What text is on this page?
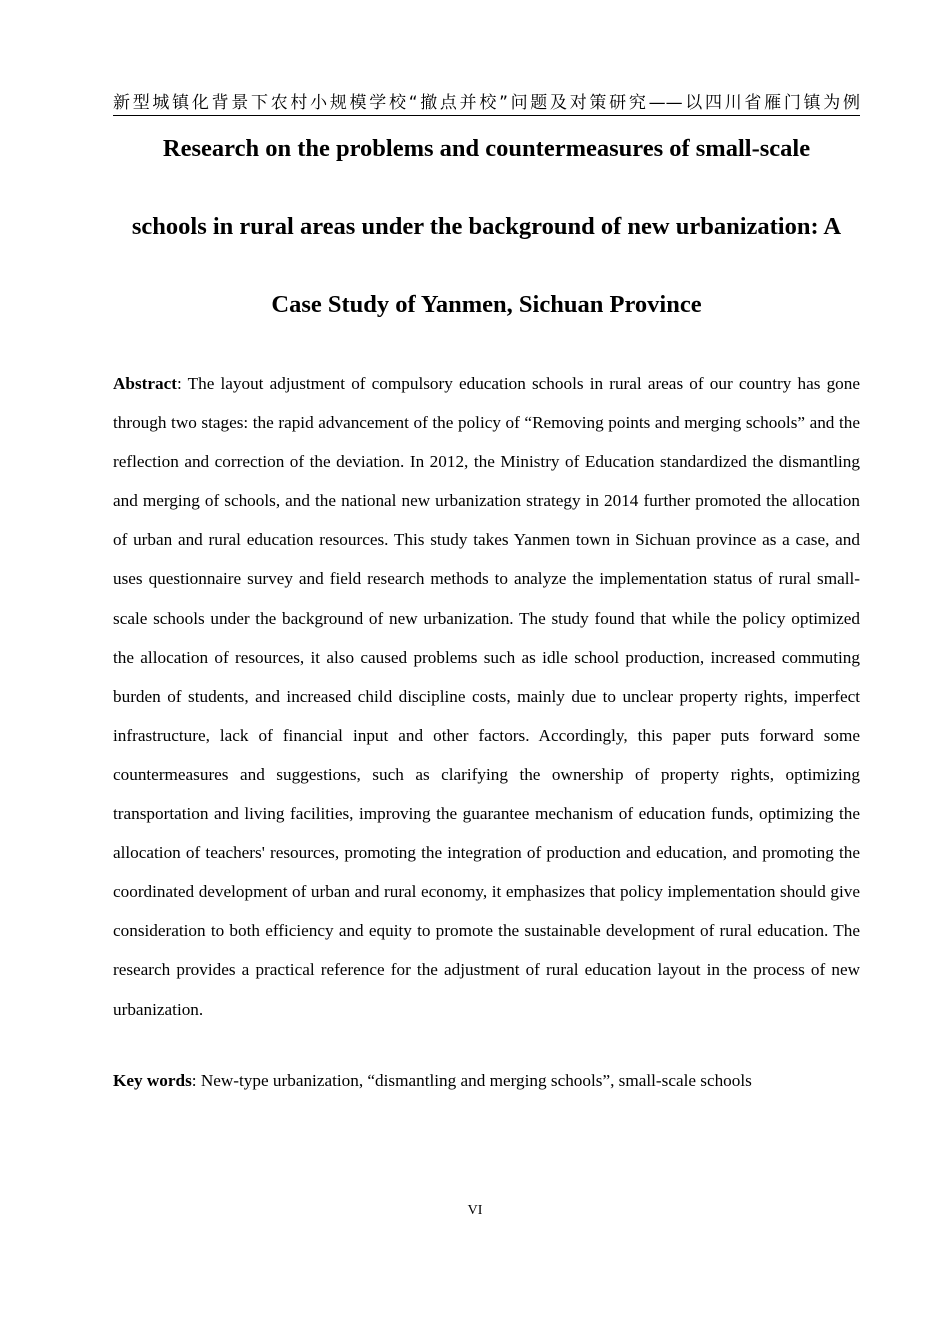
新型城镇化背景下农村小规模学校“撤点并校”问题及对策研究——以四川省雁门镇为例
Research on the problems and countermeasures of small-scale
schools in rural areas under the background of new urbanization: A
Case Study of Yanmen, Sichuan Province

Abstract: The layout adjustment of compulsory education schools in rural areas of our country has gone through two stages: the rapid advancement of the policy of “Removing points and merging schools” and the reflection and correction of the deviation. In 2012, the Ministry of Education standardized the dismantling and merging of schools, and the national new urbanization strategy in 2014 further promoted the allocation of urban and rural education resources. This study takes Yanmen town in Sichuan province as a case, and uses questionnaire survey and field research methods to analyze the implementation status of rural small-scale schools under the background of new urbanization. The study found that while the policy optimized the allocation of resources, it also caused problems such as idle school production, increased commuting burden of students, and increased child discipline costs, mainly due to unclear property rights, imperfect infrastructure, lack of financial input and other factors. Accordingly, this paper puts forward some countermeasures and suggestions, such as clarifying the ownership of property rights, optimizing transportation and living facilities, improving the guarantee mechanism of education funds, optimizing the allocation of teachers' resources, promoting the integration of production and education, and promoting the coordinated development of urban and rural economy, it emphasizes that policy implementation should give consideration to both efficiency and equity to promote the sustainable development of rural education. The research provides a practical reference for the adjustment of rural education layout in the process of new urbanization.

Key words: New-type urbanization, “dismantling and merging schools”, small-scale schools

VI
